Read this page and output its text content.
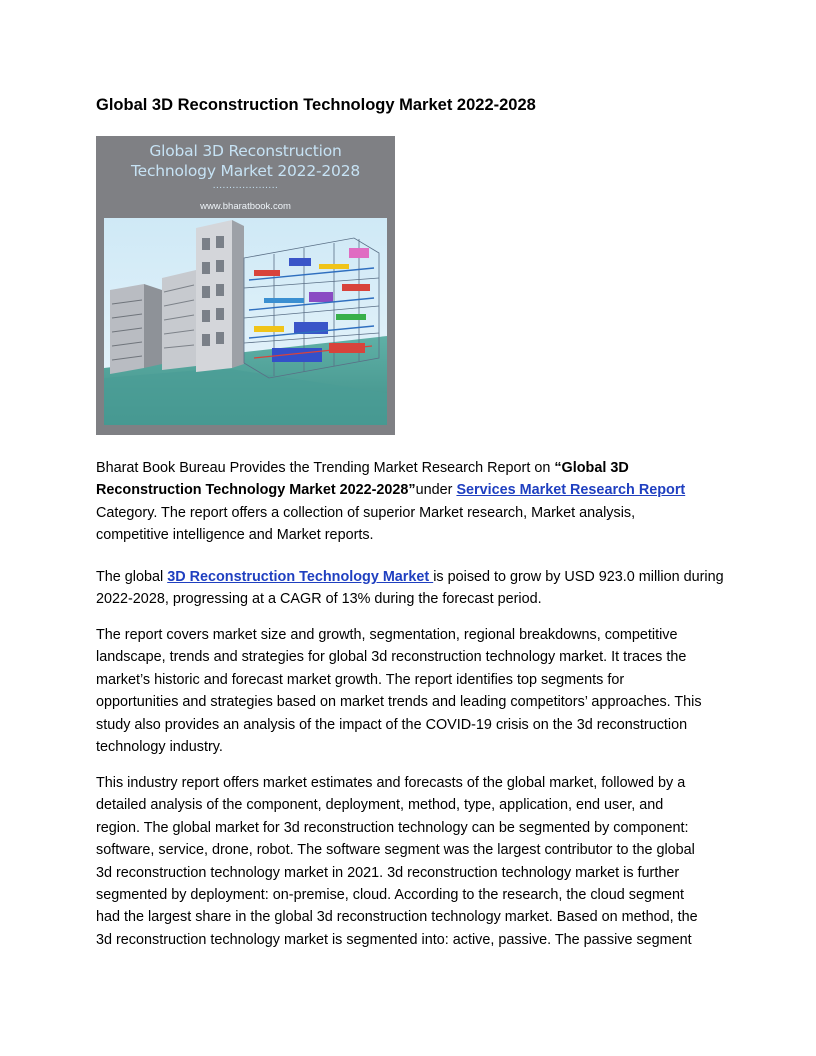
Global 3D Reconstruction Technology Market 2022-2028
Global 3D Reconstruction
Technology Market 2022-2028
....................
www.bharatbook.com

Bharat Book Bureau Provides the Trending Market Research Report on “Global 3D
Reconstruction Technology Market 2022-2028”under Services Market Research Report
Category. The report offers a collection of superior Market research, Market analysis,
competitive intelligence and Market reports.

The global 3D Reconstruction Technology Market is poised to grow by USD 923.0 million during
2022-2028, progressing at a CAGR of 13% during the forecast period.

The report covers market size and growth, segmentation, regional breakdowns, competitive
landscape, trends and strategies for global 3d reconstruction technology market. It traces the
market’s historic and forecast market growth. The report identifies top segments for
opportunities and strategies based on market trends and leading competitors’ approaches. This
study also provides an analysis of the impact of the COVID-19 crisis on the 3d reconstruction
technology industry.

This industry report offers market estimates and forecasts of the global market, followed by a
detailed analysis of the component, deployment, method, type, application, end user, and
region. The global market for 3d reconstruction technology can be segmented by component:
software, service, drone, robot. The software segment was the largest contributor to the global
3d reconstruction technology market in 2021. 3d reconstruction technology market is further
segmented by deployment: on-premise, cloud. According to the research, the cloud segment
had the largest share in the global 3d reconstruction technology market. Based on method, the
3d reconstruction technology market is segmented into: active, passive. The passive segment
